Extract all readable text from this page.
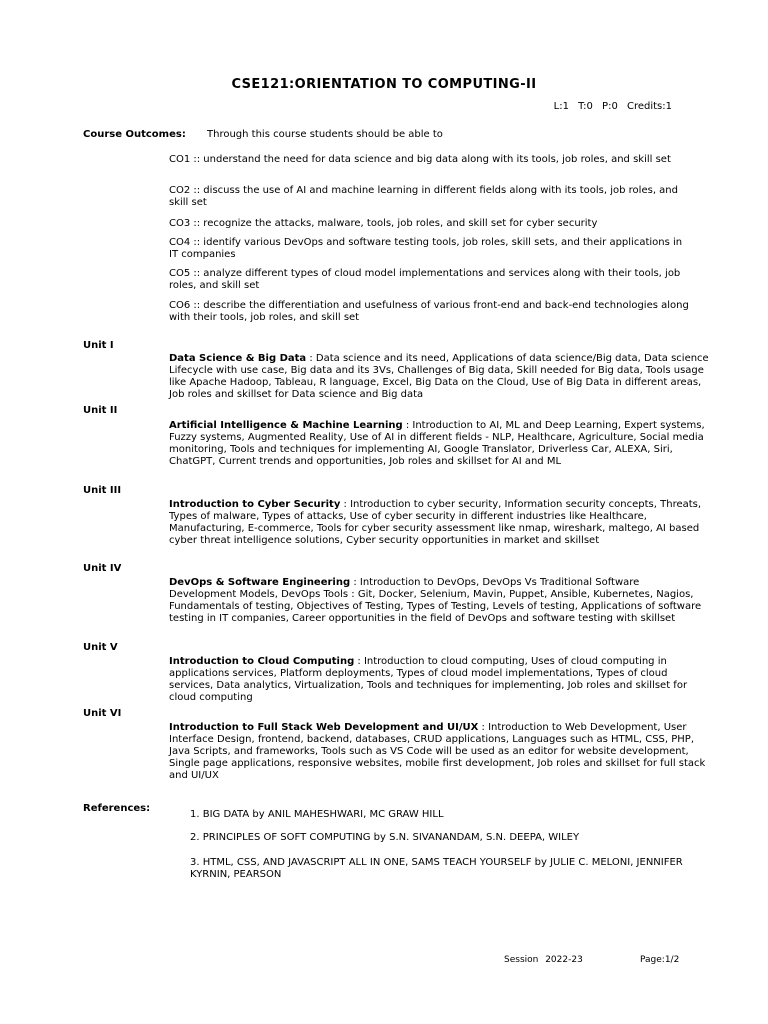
CSE121:ORIENTATION TO COMPUTING-II
L:1 T:0 P:0 Credits:1
Course Outcomes: Through this course students should be able to
CO1 :: understand the need for data science and big data along with its tools, job roles, and skill set
CO2 :: discuss the use of AI and machine learning in different fields along with its tools, job roles, and skill set
CO3 :: recognize the attacks, malware, tools, job roles, and skill set for cyber security
CO4 :: identify various DevOps and software testing tools, job roles, skill sets, and their applications in IT companies
CO5 :: analyze different types of cloud model implementations and services along with their tools, job roles, and skill set
CO6 :: describe the differentiation and usefulness of various front-end and back-end technologies along with their tools, job roles, and skill set
Unit I
Data Science & Big Data : Data science and its need, Applications of data science/Big data, Data science Lifecycle with use case, Big data and its 3Vs, Challenges of Big data, Skill needed for Big data, Tools usage like Apache Hadoop, Tableau, R language, Excel, Big Data on the Cloud, Use of Big Data in different areas, Job roles and skillset for Data science and Big data
Unit II
Artificial Intelligence & Machine Learning : Introduction to AI, ML and Deep Learning, Expert systems, Fuzzy systems, Augmented Reality, Use of AI in different fields - NLP, Healthcare, Agriculture, Social media monitoring, Tools and techniques for implementing AI, Google Translator, Driverless Car, ALEXA, Siri, ChatGPT, Current trends and opportunities, Job roles and skillset for AI and ML
Unit III
Introduction to Cyber Security : Introduction to cyber security, Information security concepts, Threats, Types of malware, Types of attacks, Use of cyber security in different industries like Healthcare, Manufacturing, E-commerce, Tools for cyber security assessment like nmap, wireshark, maltego, AI based cyber threat intelligence solutions, Cyber security opportunities in market and skillset
Unit IV
DevOps & Software Engineering : Introduction to DevOps, DevOps Vs Traditional Software Development Models, DevOps Tools : Git, Docker, Selenium, Mavin, Puppet, Ansible, Kubernetes, Nagios, Fundamentals of testing, Objectives of Testing, Types of Testing, Levels of testing, Applications of software testing in IT companies, Career opportunities in the field of DevOps and software testing with skillset
Unit V
Introduction to Cloud Computing : Introduction to cloud computing, Uses of cloud computing in applications services, Platform deployments, Types of cloud model implementations, Types of cloud services, Data analytics, Virtualization, Tools and techniques for implementing, Job roles and skillset for cloud computing
Unit VI
Introduction to Full Stack Web Development and UI/UX : Introduction to Web Development, User Interface Design, frontend, backend, databases, CRUD applications, Languages such as HTML, CSS, PHP, Java Scripts, and frameworks, Tools such as VS Code will be used as an editor for website development, Single page applications, responsive websites, mobile first development, Job roles and skillset for full stack and UI/UX
References:
1. BIG DATA by ANIL MAHESHWARI, MC GRAW HILL
2. PRINCIPLES OF SOFT COMPUTING by S.N. SIVANANDAM, S.N. DEEPA, WILEY
3. HTML, CSS, AND JAVASCRIPT ALL IN ONE, SAMS TEACH YOURSELF by JULIE C. MELONI, JENNIFER KYRNIN, PEARSON
Session 2022-23	Page:1/2
